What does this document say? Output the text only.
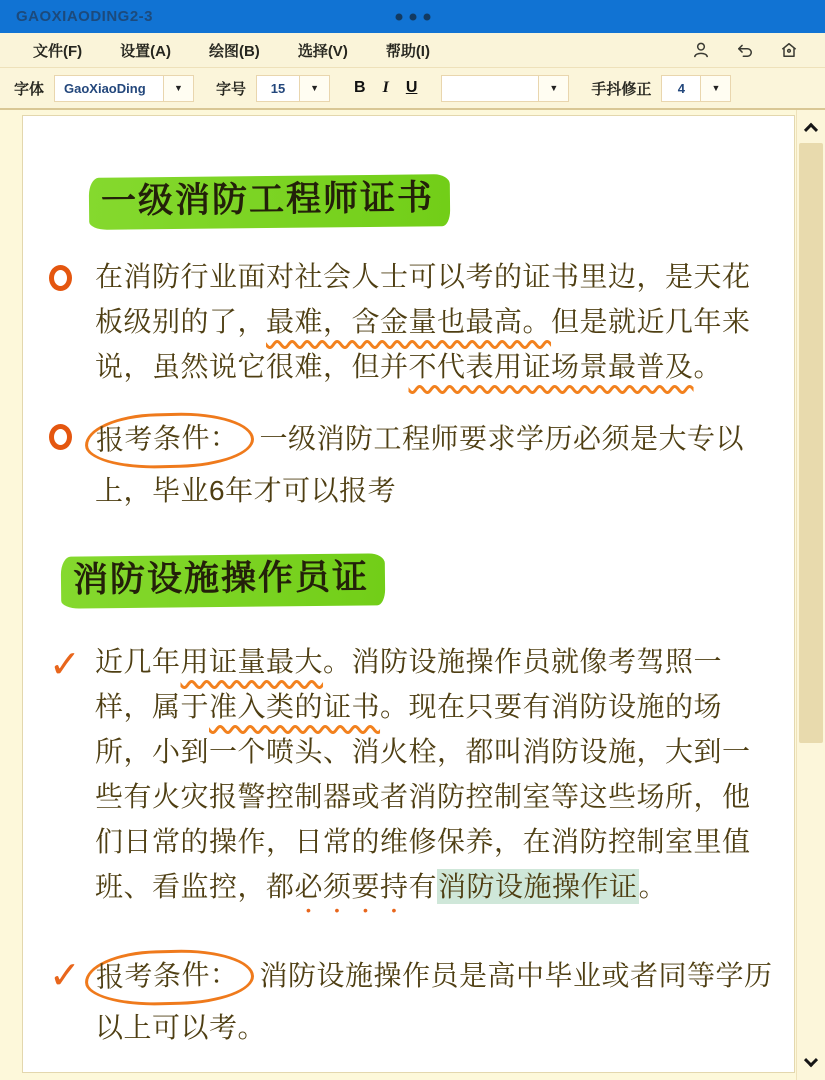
GAOXIAODING2-3
文件(F)	设置(A)	绘图(B)	选择(V)	帮助(I)
字体	GaoXiaoDing	▼	字号	15	▼	B I U	▼	手抖修正	4	▼
一级消防工程师证书
在消防行业面对社会人士可以考的证书里边，是天花
板级别的了，最难，含金量也最高。但是就近几年来
说，虽然说它很难，但并不代表用证场景最普及。
报考条件： 一级消防工程师要求学历必须是大专以
上，毕业6年才可以报考
消防设施操作员证
✓ 近几年用证量最大。消防设施操作员就像考驾照一
样，属于准入类的证书。现在只要有消防设施的场
所，小到一个喷头、消火栓，都叫消防设施，大到一
些有火灾报警控制器或者消防控制室等这些场所，他
们日常的操作，日常的维修保养，在消防控制室里值
班、看监控，都必须要持有消防设施操作证。
✓ 报考条件： 消防设施操作员是高中毕业或者同等学历
以上可以考。
